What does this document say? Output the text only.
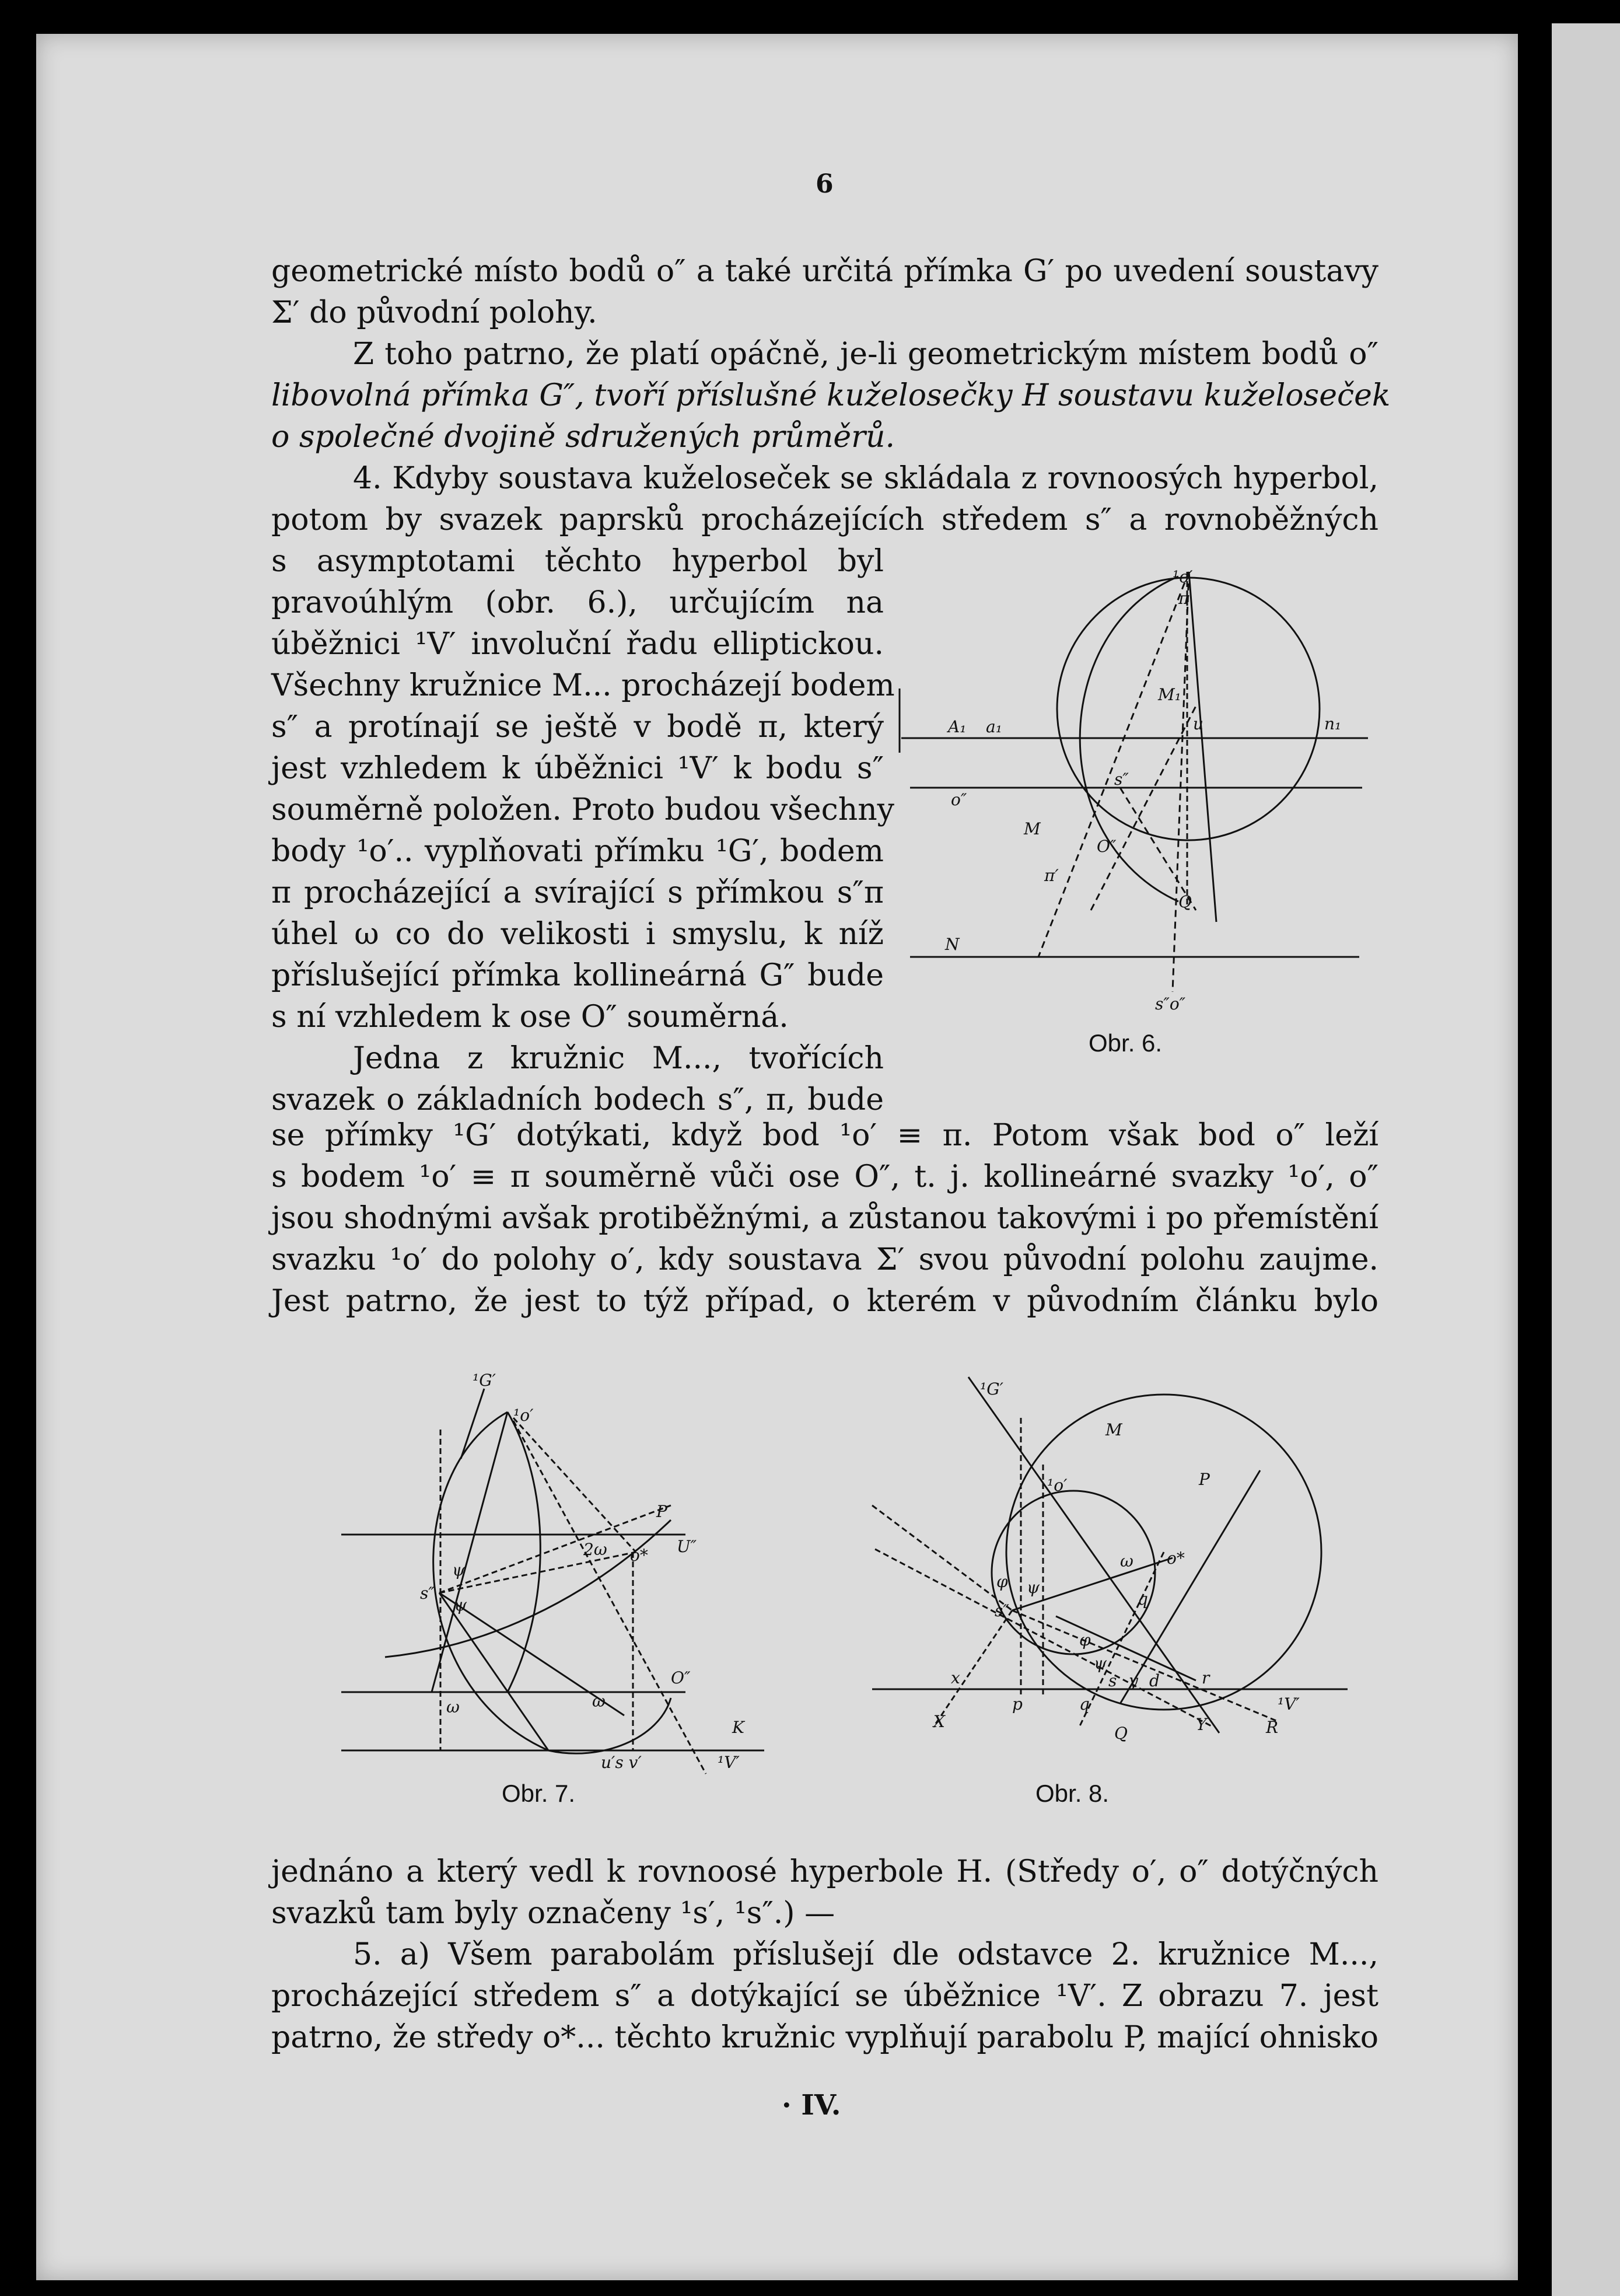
6
geometrické místo bodů o″ a také určitá přímka G′ po uvedení soustavy
Σ′ do původní polohy.
Z toho patrno, že platí opáčně, je-li geometrickým místem bodů o″
libovolná přímka G″, tvoří příslušné kuželosečky H soustavu kuželoseček
o společné dvojině sdružených průměrů.
4. Kdyby soustava kuželoseček se skládala z rovnoosých hyperbol,
potom by svazek paprsků procházejících středem s″ a rovnoběžných
s asymptotami těchto hyperbol byl
pravoúhlým (obr. 6.), určujícím na
úběžnici ¹V′ involuční řadu elliptickou.
Všechny kružnice M... procházejí bodem
s″ a protínají se ještě v bodě π, který
jest vzhledem k úběžnici ¹V′ k bodu s″
souměrně položen. Proto budou všechny
body ¹o′.. vyplňovati přímku ¹G′, bodem
π procházející a svírající s přímkou s″π
úhel ω co do velikosti i smyslu, k níž
příslušející přímka kollineárná G″ bude
s ní vzhledem k ose O″ souměrná.
Jedna z kružnic M..., tvořících
svazek o základních bodech s″, π, bude
¹o′
π
M₁
u	n₁
A₁ a₁
s″
o″
M
O″
N
π′
Q
s″o″
Obr. 6.
se přímky ¹G′ dotýkati, když bod ¹o′ ≡ π. Potom však bod o″ leží
s bodem ¹o′ ≡ π souměrně vůči ose O″, t. j. kollineárné svazky ¹o′, o″
jsou shodnými avšak protiběžnými, a zůstanou takovými i po přemístění
svazku ¹o′ do polohy o′, kdy soustava Σ′ svou původní polohu zaujme.
Jest patrno, že jest to týž případ, o kterém v původním článku bylo
¹G′
¹o′
P
U″
2ω o*
s″
ψ
ψ
ω	ω
O″
K
u′s v′	¹V′
Obr. 7.
¹G′
M
P
¹o′
o*
ω
s″
φ ψ
φ
ψ
q
x
p	q
s y d	r
¹V′
X
Q	Y	R
Obr. 8.
jednáno a který vedl k rovnoosé hyperbole H. (Středy o′, o″ dotýčných
svazků tam byly označeny ¹s′, ¹s″.) —
5. a) Všem parabolám příslušejí dle odstavce 2. kružnice M...,
procházející středem s″ a dotýkající se úběžnice ¹V′. Z obrazu 7. jest
patrno, že středy o*... těchto kružnic vyplňují parabolu P, mající ohnisko
· IV.
